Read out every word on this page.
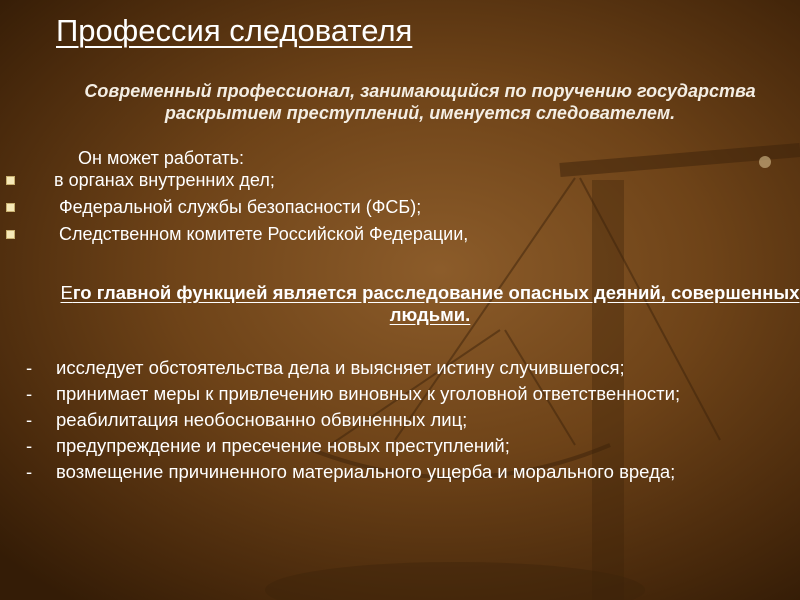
Профессия следователя

Современный профессионал, занимающийся по поручению государства раскрытием преступлений, именуется следователем.

Он может работать:

в органах внутренних дел;
Федеральной службы безопасности (ФСБ);
Следственном комитете Российской Федерации,

Его главной функцией является расследование опасных деяний, совершенных людьми.

- исследует обстоятельства дела и выясняет истину случившегося;
- принимает меры к привлечению виновных к уголовной ответственности;
- реабилитация необоснованно обвиненных лиц;
- предупреждение и пресечение новых преступлений;
- возмещение причиненного материального ущерба и морального вреда;
